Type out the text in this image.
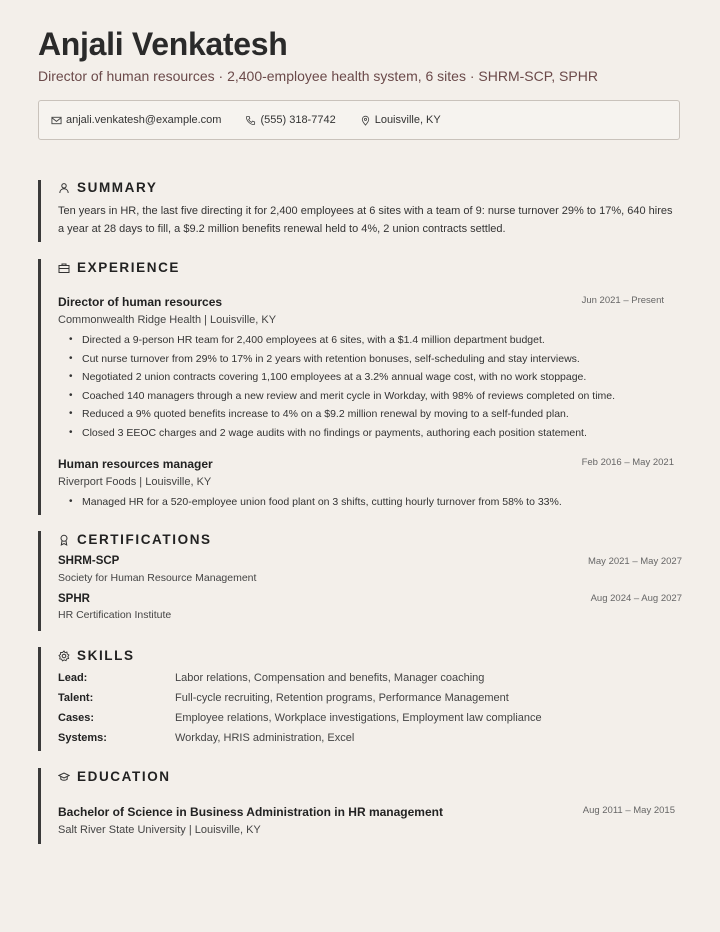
Anjali Venkatesh
Director of human resources · 2,400-employee health system, 6 sites · SHRM-SCP, SPHR
anjali.venkatesh@example.com	(555) 318-7742	Louisville, KY
SUMMARY
Ten years in HR, the last five directing it for 2,400 employees at 6 sites with a team of 9: nurse turnover 29% to 17%, 640 hires a year at 28 days to fill, a $9.2 million benefits renewal held to 4%, 2 union contracts settled.
EXPERIENCE
Director of human resources	Jun 2021 – Present
Commonwealth Ridge Health | Louisville, KY
• Directed a 9-person HR team for 2,400 employees at 6 sites, with a $1.4 million department budget.
• Cut nurse turnover from 29% to 17% in 2 years with retention bonuses, self-scheduling and stay interviews.
• Negotiated 2 union contracts covering 1,100 employees at a 3.2% annual wage cost, with no work stoppage.
• Coached 140 managers through a new review and merit cycle in Workday, with 98% of reviews completed on time.
• Reduced a 9% quoted benefits increase to 4% on a $9.2 million renewal by moving to a self-funded plan.
• Closed 3 EEOC charges and 2 wage audits with no findings or payments, authoring each position statement.
Human resources manager	Feb 2016 – May 2021
Riverport Foods | Louisville, KY
• Managed HR for a 520-employee union food plant on 3 shifts, cutting hourly turnover from 58% to 33%.
CERTIFICATIONS
SHRM-SCP	May 2021 – May 2027
Society for Human Resource Management
SPHR	Aug 2024 – Aug 2027
HR Certification Institute
SKILLS
Lead:	Labor relations, Compensation and benefits, Manager coaching
Talent:	Full-cycle recruiting, Retention programs, Performance Management
Cases:	Employee relations, Workplace investigations, Employment law compliance
Systems:	Workday, HRIS administration, Excel
EDUCATION
Bachelor of Science in Business Administration in HR management	Aug 2011 – May 2015
Salt River State University | Louisville, KY
